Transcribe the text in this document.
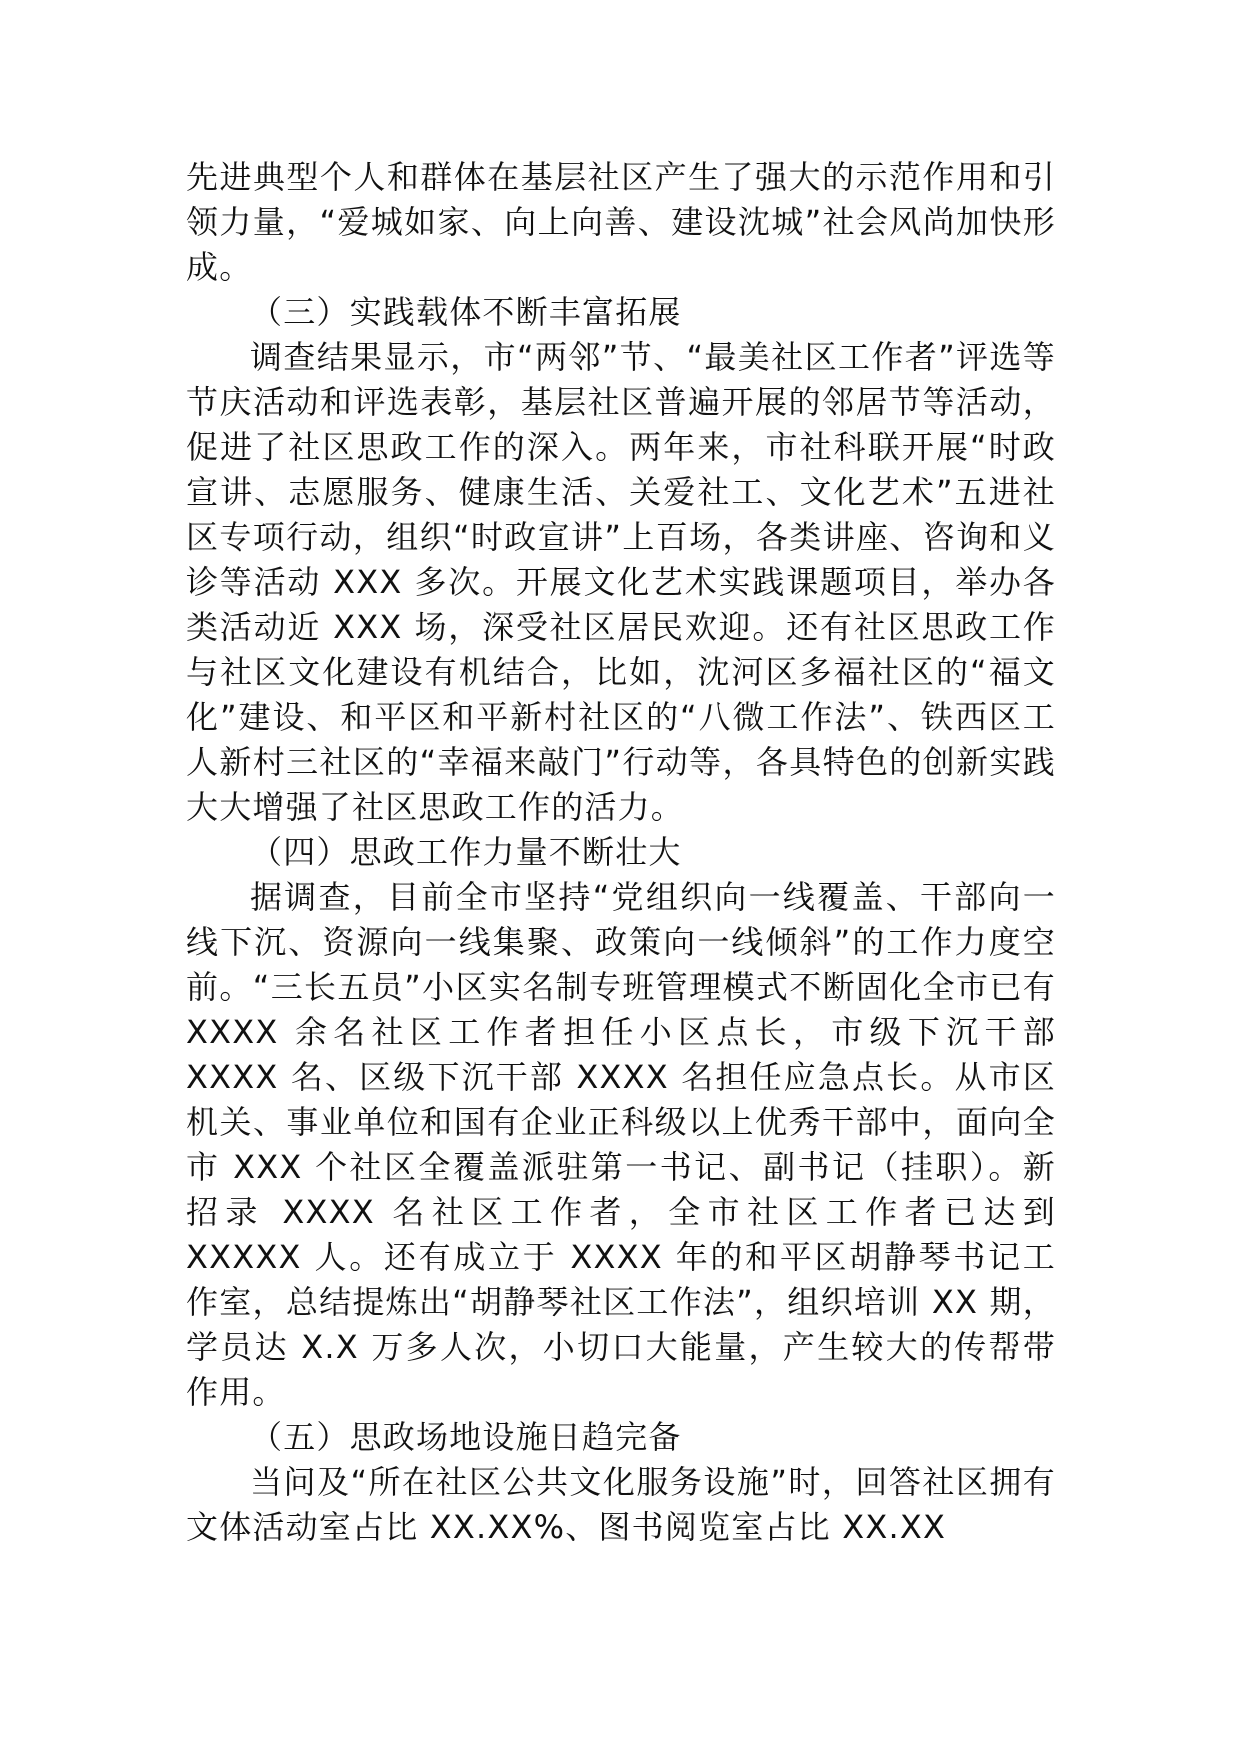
先进典型个人和群体在基层社区产生了强大的示范作用和引领力量，“爱城如家、向上向善、建设沈城”社会风尚加快形成。

（三）实践载体不断丰富拓展

调查结果显示，市“两邻”节、“最美社区工作者”评选等节庆活动和评选表彰，基层社区普遍开展的邻居节等活动，促进了社区思政工作的深入。两年来，市社科联开展“时政宣讲、志愿服务、健康生活、关爱社工、文化艺术”五进社区专项行动，组织“时政宣讲”上百场，各类讲座、咨询和义诊等活动 XXX 多次。开展文化艺术实践课题项目，举办各类活动近 XXX 场，深受社区居民欢迎。还有社区思政工作与社区文化建设有机结合，比如，沈河区多福社区的“福文化”建设、和平区和平新村社区的“八微工作法”、铁西区工人新村三社区的“幸福来敲门”行动等，各具特色的创新实践大大增强了社区思政工作的活力。

（四）思政工作力量不断壮大

据调查，目前全市坚持“党组织向一线覆盖、干部向一线下沉、资源向一线集聚、政策向一线倾斜”的工作力度空前。“三长五员”小区实名制专班管理模式不断固化全市已有 XXXX 余名社区工作者担任小区点长，市级下沉干部 XXXX 名、区级下沉干部 XXXX 名担任应急点长。从市区机关、事业单位和国有企业正科级以上优秀干部中，面向全市 XXX 个社区全覆盖派驻第一书记、副书记（挂职）。新招录 XXXX 名社区工作者，全市社区工作者已达到 XXXXX 人。还有成立于 XXXX 年的和平区胡静琴书记工作室，总结提炼出“胡静琴社区工作法”，组织培训 XX 期，学员达 X.X 万多人次，小切口大能量，产生较大的传帮带作用。

（五）思政场地设施日趋完备

当问及“所在社区公共文化服务设施”时，回答社区拥有文体活动室占比 XX.XX%、图书阅览室占比 XX.XX
